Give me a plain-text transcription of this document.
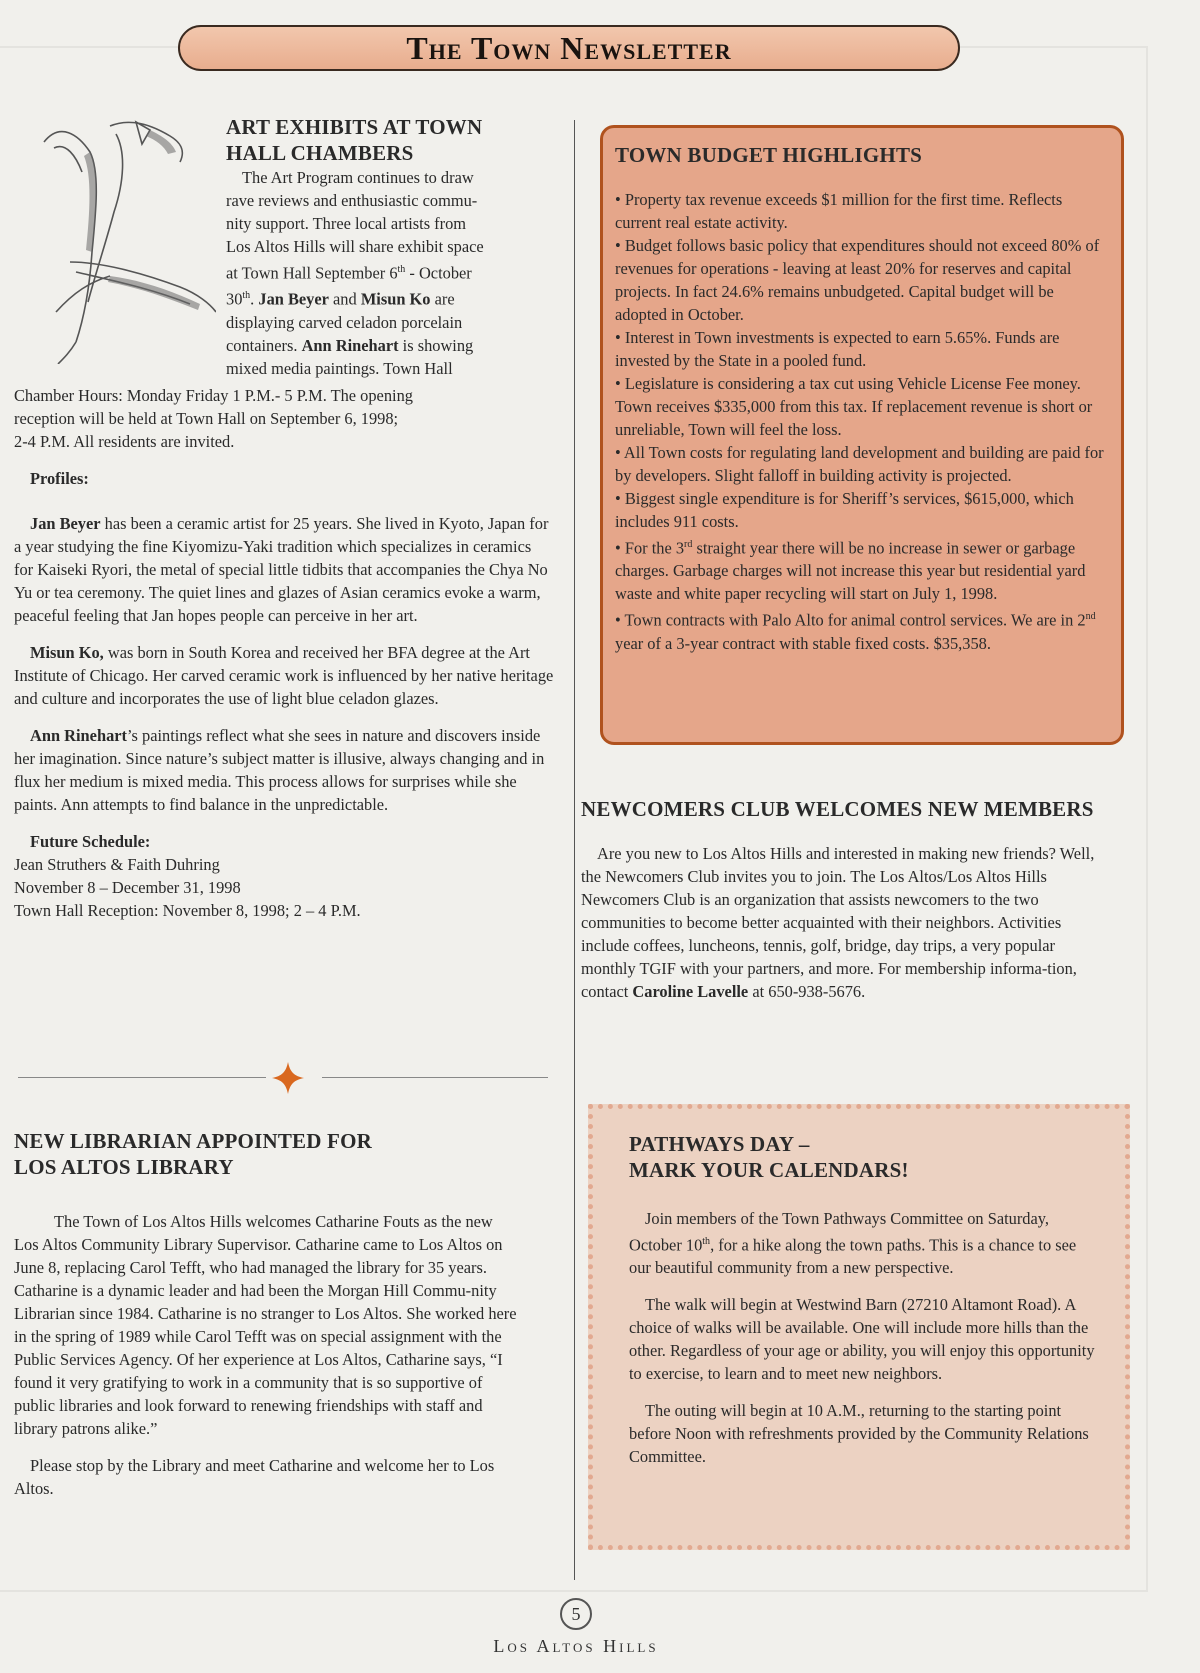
The Town Newsletter
ART EXHIBITS AT TOWN
HALL CHAMBERS
The Art Program continues to draw
rave reviews and enthusiastic commu-
nity support. Three local artists from
Los Altos Hills will share exhibit space
at Town Hall September 6th - October
30th. Jan Beyer and Misun Ko are
displaying carved celadon porcelain
containers. Ann Rinehart is showing
mixed media paintings. Town Hall
Chamber Hours: Monday Friday 1 P.M.- 5 P.M. The opening
reception will be held at Town Hall on September 6, 1998;
2-4 P.M. All residents are invited.
Profiles:

Jan Beyer has been a ceramic artist for 25 years. She lived in Kyoto, Japan for a year studying the fine Kiyomizu-Yaki tradition which specializes in ceramics for Kaiseki Ryori, the metal of special little tidbits that accompanies the Chya No Yu or tea ceremony. The quiet lines and glazes of Asian ceramics evoke a warm, peaceful feeling that Jan hopes people can perceive in her art.

Misun Ko, was born in South Korea and received her BFA degree at the Art Institute of Chicago. Her carved ceramic work is influenced by her native heritage and culture and incorporates the use of light blue celadon glazes.

Ann Rinehart’s paintings reflect what she sees in nature and discovers inside her imagination. Since nature’s subject matter is illusive, always changing and in flux her medium is mixed media. This process allows for surprises while she paints. Ann attempts to find balance in the unpredictable.

Future Schedule:
Jean Struthers & Faith Duhring
November 8 – December 31, 1998
Town Hall Reception: November 8, 1998; 2 – 4 P.M.
NEW LIBRARIAN APPOINTED FOR
LOS ALTOS LIBRARY

The Town of Los Altos Hills welcomes Catharine Fouts as the new Los Altos Community Library Supervisor. Catharine came to Los Altos on June 8, replacing Carol Tefft, who had managed the library for 35 years. Catharine is a dynamic leader and had been the Morgan Hill Commu-nity Librarian since 1984. Catharine is no stranger to Los Altos. She worked here in the spring of 1989 while Carol Tefft was on special assignment with the Public Services Agency. Of her experience at Los Altos, Catharine says, “I found it very gratifying to work in a community that is so supportive of public libraries and look forward to renewing friendships with staff and library patrons alike.”

Please stop by the Library and meet Catharine and welcome her to Los Altos.

TOWN BUDGET HIGHLIGHTS
• Property tax revenue exceeds $1 million for the first time. Reflects current real estate activity.
• Budget follows basic policy that expenditures should not exceed 80% of revenues for operations - leaving at least 20% for reserves and capital projects. In fact 24.6% remains unbudgeted. Capital budget will be adopted in October.
• Interest in Town investments is expected to earn 5.65%. Funds are invested by the State in a pooled fund.
• Legislature is considering a tax cut using Vehicle License Fee money. Town receives $335,000 from this tax. If replacement revenue is short or unreliable, Town will feel the loss.
• All Town costs for regulating land development and building are paid for by developers. Slight falloff in building activity is projected.
• Biggest single expenditure is for Sheriff’s services, $615,000, which includes 911 costs.
• For the 3rd straight year there will be no increase in sewer or garbage charges. Garbage charges will not increase this year but residential yard waste and white paper recycling will start on July 1, 1998.
• Town contracts with Palo Alto for animal control services. We are in 2nd year of a 3-year contract with stable fixed costs. $35,358.
NEWCOMERS CLUB WELCOMES NEW MEMBERS

Are you new to Los Altos Hills and interested in making new friends? Well, the Newcomers Club invites you to join. The Los Altos/Los Altos Hills Newcomers Club is an organization that assists newcomers to the two communities to become better acquainted with their neighbors. Activities include coffees, luncheons, tennis, golf, bridge, day trips, a very popular monthly TGIF with your partners, and more. For membership informa-tion, contact Caroline Lavelle at 650-938-5676.

PATHWAYS DAY –
MARK YOUR CALENDARS!

Join members of the Town Pathways Committee on Saturday, October 10th, for a hike along the town paths. This is a chance to see our beautiful community from a new perspective.

The walk will begin at Westwind Barn (27210 Altamont Road). A choice of walks will be available. One will include more hills than the other. Regardless of your age or ability, you will enjoy this opportunity to exercise, to learn and to meet new neighbors.

The outing will begin at 10 A.M., returning to the starting point before Noon with refreshments provided by the Community Relations Committee.

5
Los Altos Hills
